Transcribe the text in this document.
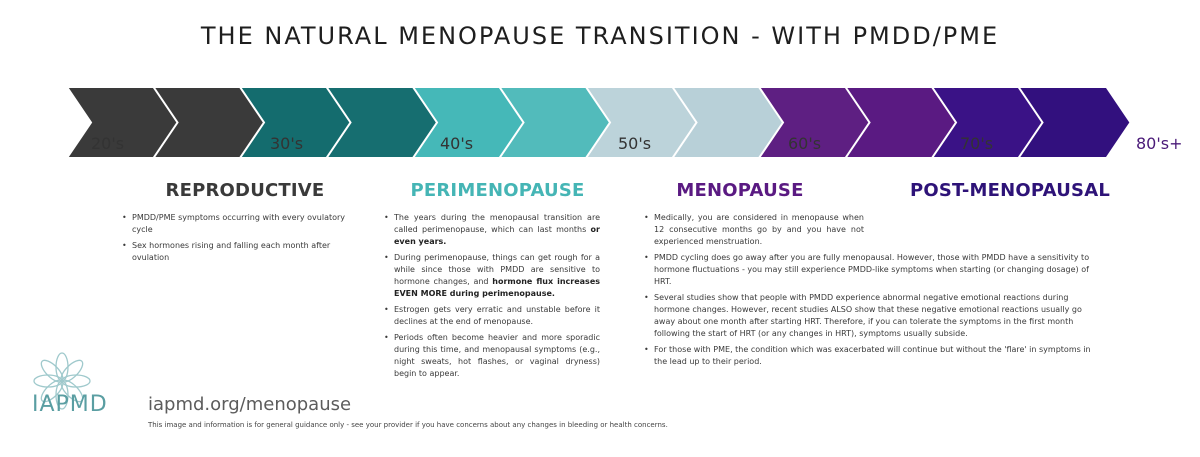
THE NATURAL MENOPAUSE TRANSITION - WITH PMDD/PME
20's	30's	40's	50's	60's	70's	80's+
REPRODUCTIVE	PERIMENOPAUSE	MENOPAUSE	POST-MENOPAUSAL
• PMDD/PME symptoms occurring with every ovulatory cycle
• Sex hormones rising and falling each month after ovulation
• The years during the menopausal transition are called perimenopause, which can last months or even years.
• During perimenopause, things can get rough for a while since those with PMDD are sensitive to hormone changes, and hormone flux increases EVEN MORE during perimenopause.
• Estrogen gets very erratic and unstable before it declines at the end of menopause.
• Periods often become heavier and more sporadic during this time, and menopausal symptoms (e.g., night sweats, hot flashes, or vaginal dryness) begin to appear.
• Medically, you are considered in menopause when 12 consecutive months go by and you have not experienced menstruation.
• PMDD cycling does go away after you are fully menopausal. However, those with PMDD have a sensitivity to hormone fluctuations - you may still experience PMDD-like symptoms when starting (or changing dosage) of HRT.
• Several studies show that people with PMDD experience abnormal negative emotional reactions during hormone changes. However, recent studies ALSO show that these negative emotional reactions usually go away about one month after starting HRT. Therefore, if you can tolerate the symptoms in the first month following the start of HRT (or any changes in HRT), symptoms usually subside.
• For those with PME, the condition which was exacerbated will continue but without the 'flare' in symptoms in the lead up to their period.
IAPMD iapmd.org/menopause
This image and information is for general guidance only - see your provider if you have concerns about any changes in bleeding or health concerns.
